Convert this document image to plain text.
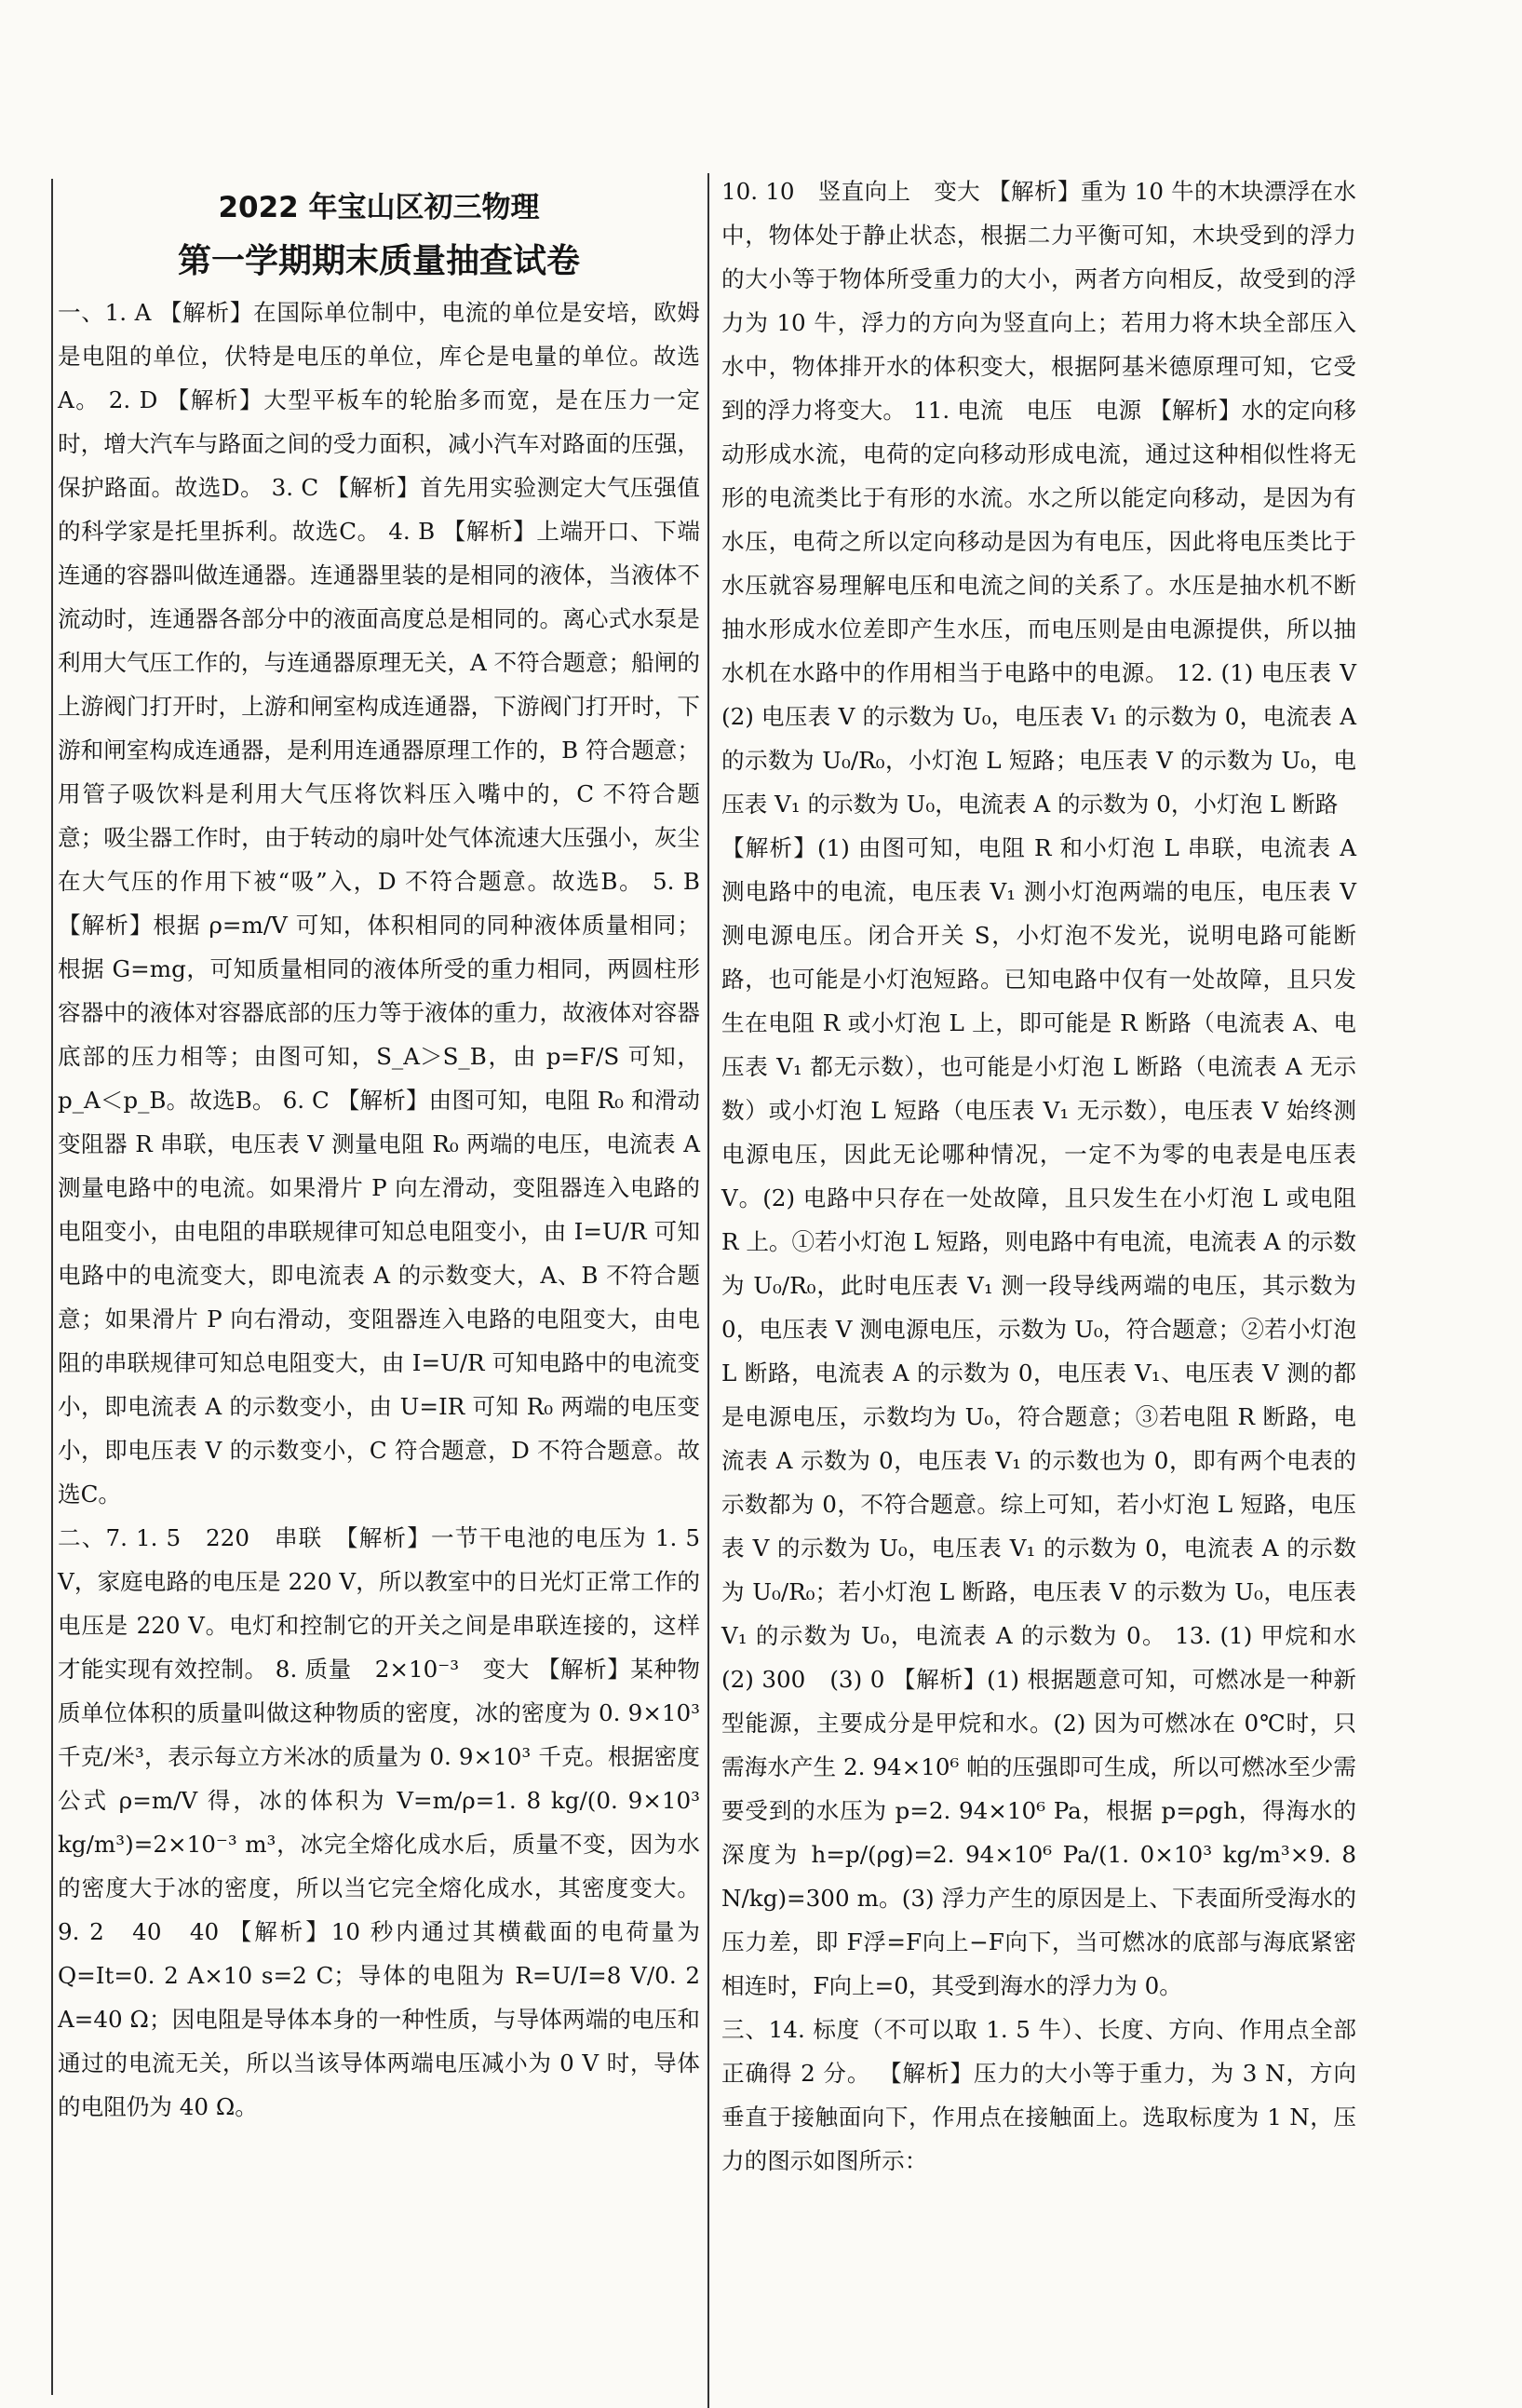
2022 年宝山区初三物理
第一学期期末质量抽查试卷

一、1. A 【解析】在国际单位制中，电流的单位是安培，欧姆是电阻的单位，伏特是电压的单位，库仑是电量的单位。故选A。 2. D 【解析】大型平板车的轮胎多而宽，是在压力一定时，增大汽车与路面之间的受力面积，减小汽车对路面的压强，保护路面。故选D。 3. C 【解析】首先用实验测定大气压强值的科学家是托里拆利。故选C。 4. B 【解析】上端开口、下端连通的容器叫做连通器。连通器里装的是相同的液体，当液体不流动时，连通器各部分中的液面高度总是相同的。离心式水泵是利用大气压工作的，与连通器原理无关，A 不符合题意；船闸的上游阀门打开时，上游和闸室构成连通器，下游阀门打开时，下游和闸室构成连通器，是利用连通器原理工作的，B 符合题意；用管子吸饮料是利用大气压将饮料压入嘴中的，C 不符合题意；吸尘器工作时，由于转动的扇叶处气体流速大压强小，灰尘在大气压的作用下被“吸”入，D 不符合题意。故选B。 5. B 【解析】根据 ρ=m/V 可知，体积相同的同种液体质量相同；根据 G=mg，可知质量相同的液体所受的重力相同，两圆柱形容器中的液体对容器底部的压力等于液体的重力，故液体对容器底部的压力相等；由图可知，S_A＞S_B，由 p=F/S 可知，p_A＜p_B。故选B。 6. C 【解析】由图可知，电阻 R₀ 和滑动变阻器 R 串联，电压表 V 测量电阻 R₀ 两端的电压，电流表 A 测量电路中的电流。如果滑片 P 向左滑动，变阻器连入电路的电阻变小，由电阻的串联规律可知总电阻变小，由 I=U/R 可知电路中的电流变大，即电流表 A 的示数变大，A、B 不符合题意；如果滑片 P 向右滑动，变阻器连入电路的电阻变大，由电阻的串联规律可知总电阻变大，由 I=U/R 可知电路中的电流变小，即电流表 A 的示数变小，由 U=IR 可知 R₀ 两端的电压变小，即电压表 V 的示数变小，C 符合题意，D 不符合题意。故选C。

二、7. 1. 5　220　串联　【解析】一节干电池的电压为 1. 5 V，家庭电路的电压是 220 V，所以教室中的日光灯正常工作的电压是 220 V。电灯和控制它的开关之间是串联连接的，这样才能实现有效控制。 8. 质量　2×10⁻³　变大 【解析】某种物质单位体积的质量叫做这种物质的密度，冰的密度为 0. 9×10³ 千克/米³，表示每立方米冰的质量为 0. 9×10³ 千克。根据密度公式 ρ=m/V 得，冰的体积为 V=m/ρ=1. 8 kg/(0. 9×10³ kg/m³)=2×10⁻³ m³，冰完全熔化成水后，质量不变，因为水的密度大于冰的密度，所以当它完全熔化成水，其密度变大。 9. 2　40　40 【解析】10 秒内通过其横截面的电荷量为 Q=It=0. 2 A×10 s=2 C；导体的电阻为 R=U/I=8 V/0. 2 A=40 Ω；因电阻是导体本身的一种性质，与导体两端的电压和通过的电流无关，所以当该导体两端电压减小为 0 V 时，导体的电阻仍为 40 Ω。

10. 10　竖直向上　变大 【解析】重为 10 牛的木块漂浮在水中，物体处于静止状态，根据二力平衡可知，木块受到的浮力的大小等于物体所受重力的大小，两者方向相反，故受到的浮力为 10 牛，浮力的方向为竖直向上；若用力将木块全部压入水中，物体排开水的体积变大，根据阿基米德原理可知，它受到的浮力将变大。 11. 电流　电压　电源 【解析】水的定向移动形成水流，电荷的定向移动形成电流，通过这种相似性将无形的电流类比于有形的水流。水之所以能定向移动，是因为有水压，电荷之所以定向移动是因为有电压，因此将电压类比于水压就容易理解电压和电流之间的关系了。水压是抽水机不断抽水形成水位差即产生水压，而电压则是由电源提供，所以抽水机在水路中的作用相当于电路中的电源。 12. (1) 电压表 V　(2) 电压表 V 的示数为 U₀，电压表 V₁ 的示数为 0，电流表 A 的示数为 U₀/R₀，小灯泡 L 短路；电压表 V 的示数为 U₀，电压表 V₁ 的示数为 U₀，电流表 A 的示数为 0，小灯泡 L 断路

【解析】(1) 由图可知，电阻 R 和小灯泡 L 串联，电流表 A 测电路中的电流，电压表 V₁ 测小灯泡两端的电压，电压表 V 测电源电压。闭合开关 S，小灯泡不发光，说明电路可能断路，也可能是小灯泡短路。已知电路中仅有一处故障，且只发生在电阻 R 或小灯泡 L 上，即可能是 R 断路（电流表 A、电压表 V₁ 都无示数），也可能是小灯泡 L 断路（电流表 A 无示数）或小灯泡 L 短路（电压表 V₁ 无示数），电压表 V 始终测电源电压，因此无论哪种情况，一定不为零的电表是电压表 V。(2) 电路中只存在一处故障，且只发生在小灯泡 L 或电阻 R 上。①若小灯泡 L 短路，则电路中有电流，电流表 A 的示数为 U₀/R₀，此时电压表 V₁ 测一段导线两端的电压，其示数为 0，电压表 V 测电源电压，示数为 U₀，符合题意；②若小灯泡 L 断路，电流表 A 的示数为 0，电压表 V₁、电压表 V 测的都是电源电压，示数均为 U₀，符合题意；③若电阻 R 断路，电流表 A 示数为 0，电压表 V₁ 的示数也为 0，即有两个电表的示数都为 0，不符合题意。综上可知，若小灯泡 L 短路，电压表 V 的示数为 U₀，电压表 V₁ 的示数为 0，电流表 A 的示数为 U₀/R₀；若小灯泡 L 断路，电压表 V 的示数为 U₀，电压表 V₁ 的示数为 U₀，电流表 A 的示数为 0。 13. (1) 甲烷和水　(2) 300　(3) 0 【解析】(1) 根据题意可知，可燃冰是一种新型能源，主要成分是甲烷和水。(2) 因为可燃冰在 0℃时，只需海水产生 2. 94×10⁶ 帕的压强即可生成，所以可燃冰至少需要受到的水压为 p=2. 94×10⁶ Pa，根据 p=ρgh，得海水的深度为 h=p/(ρg)=2. 94×10⁶ Pa/(1. 0×10³ kg/m³×9. 8 N/kg)=300 m。(3) 浮力产生的原因是上、下表面所受海水的压力差，即 F浮=F向上−F向下，当可燃冰的底部与海底紧密相连时，F向上=0，其受到海水的浮力为 0。

三、14. 标度（不可以取 1. 5 牛）、长度、方向、作用点全部正确得 2 分。 【解析】压力的大小等于重力，为 3 N，方向垂直于接触面向下，作用点在接触面上。选取标度为 1 N，压力的图示如图所示：
